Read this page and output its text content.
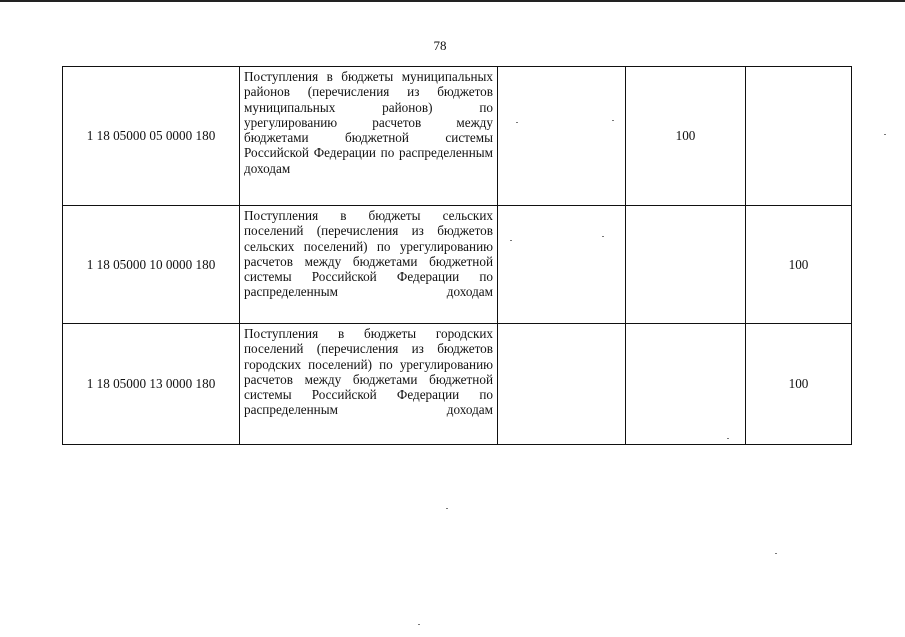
78
1 18 05000 05 0000 180	Поступления в бюджеты муниципальных районов (перечисления из бюджетов муниципальных районов) по урегулированию расчетов между бюджетами бюджетной системы Российской Федерации по распределенным доходам		100	
1 18 05000 10 0000 180	Поступления в бюджеты сельских поселений (перечисления из бюджетов сельских поселений) по урегулированию расчетов между бюджетами бюджетной системы Российской Федерации по распределенным доходам			100
1 18 05000 13 0000 180	Поступления в бюджеты городских поселений (перечисления из бюджетов городских поселений) по урегулированию расчетов между бюджетами бюджетной системы Российской Федерации по распределенным доходам			100
